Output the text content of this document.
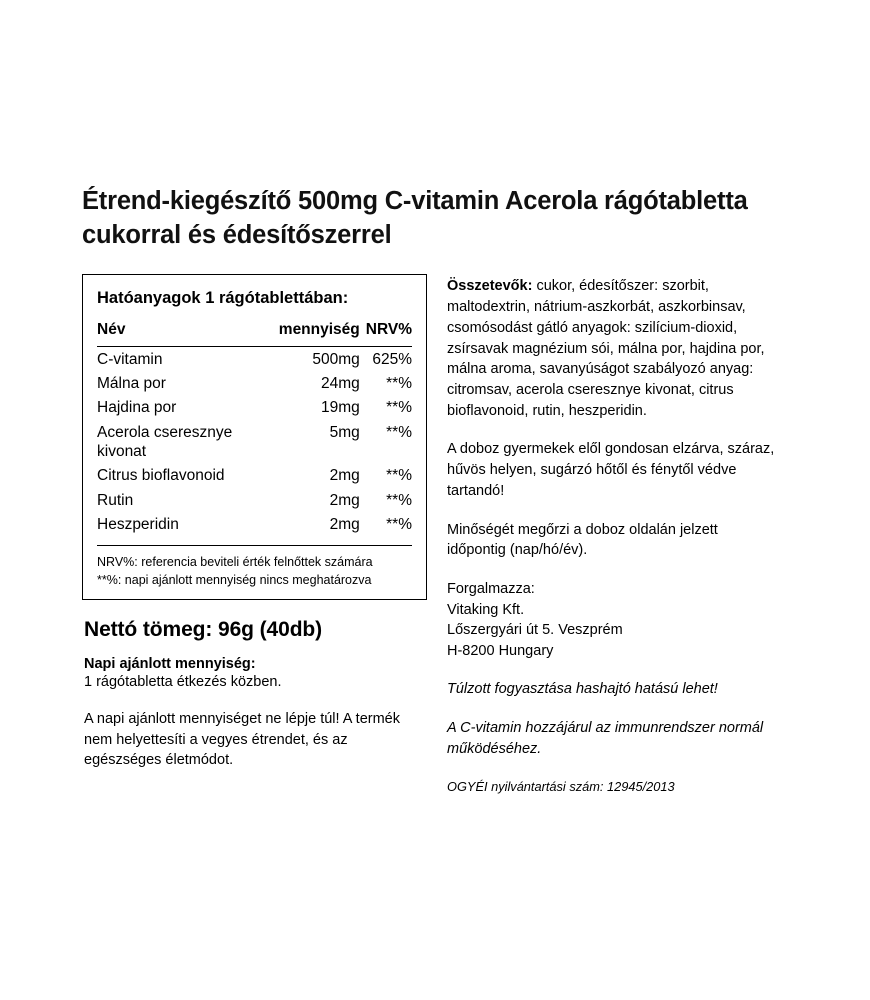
Étrend-kiegészítő 500mg C-vitamin Acerola rágótabletta cukorral és édesítőszerrel
Hatóanyagok 1 rágótablettában:
Név	mennyiség	NRV%

C-vitamin	500mg	625%
Málna por	24mg	**%
Hajdina por	19mg	**%
Acerola cseresznye kivonat	5mg	**%
Citrus bioflavonoid	2mg	**%
Rutin	2mg	**%
Heszperidin	2mg	**%

NRV%: referencia beviteli érték felnőttek számára

**%: napi ajánlott mennyiség nincs meghatározva

Nettó tömeg: 96g (40db)
Napi ajánlott mennyiség:
1 rágótabletta étkezés közben.

A napi ajánlott mennyiséget ne lépje túl! A termék nem helyettesíti a vegyes étrendet, és az egészséges életmódot.

Összetevők: cukor, édesítőszer: szorbit, maltodextrin, nátrium-aszkorbát, aszkorbinsav, csomósodást gátló anyagok: szilícium-dioxid, zsírsavak magnézium sói, málna por, hajdina por, málna aroma, savanyúságot szabályozó anyag: citromsav, acerola cseresznye kivonat, citrus bioflavonoid, rutin, heszperidin.

A doboz gyermekek elől gondosan elzárva, száraz, hűvös helyen, sugárzó hőtől és fénytől védve tartandó!

Minőségét megőrzi a doboz oldalán jelzett időpontig (nap/hó/év).

Forgalmazza:
Vitaking Kft.
Lőszergyári út 5. Veszprém
H-8200 Hungary

Túlzott fogyasztása hashajtó hatású lehet!

A C-vitamin hozzájárul az immunrendszer normál működéséhez.

OGYÉI nyilvántartási szám: 12945/2013
